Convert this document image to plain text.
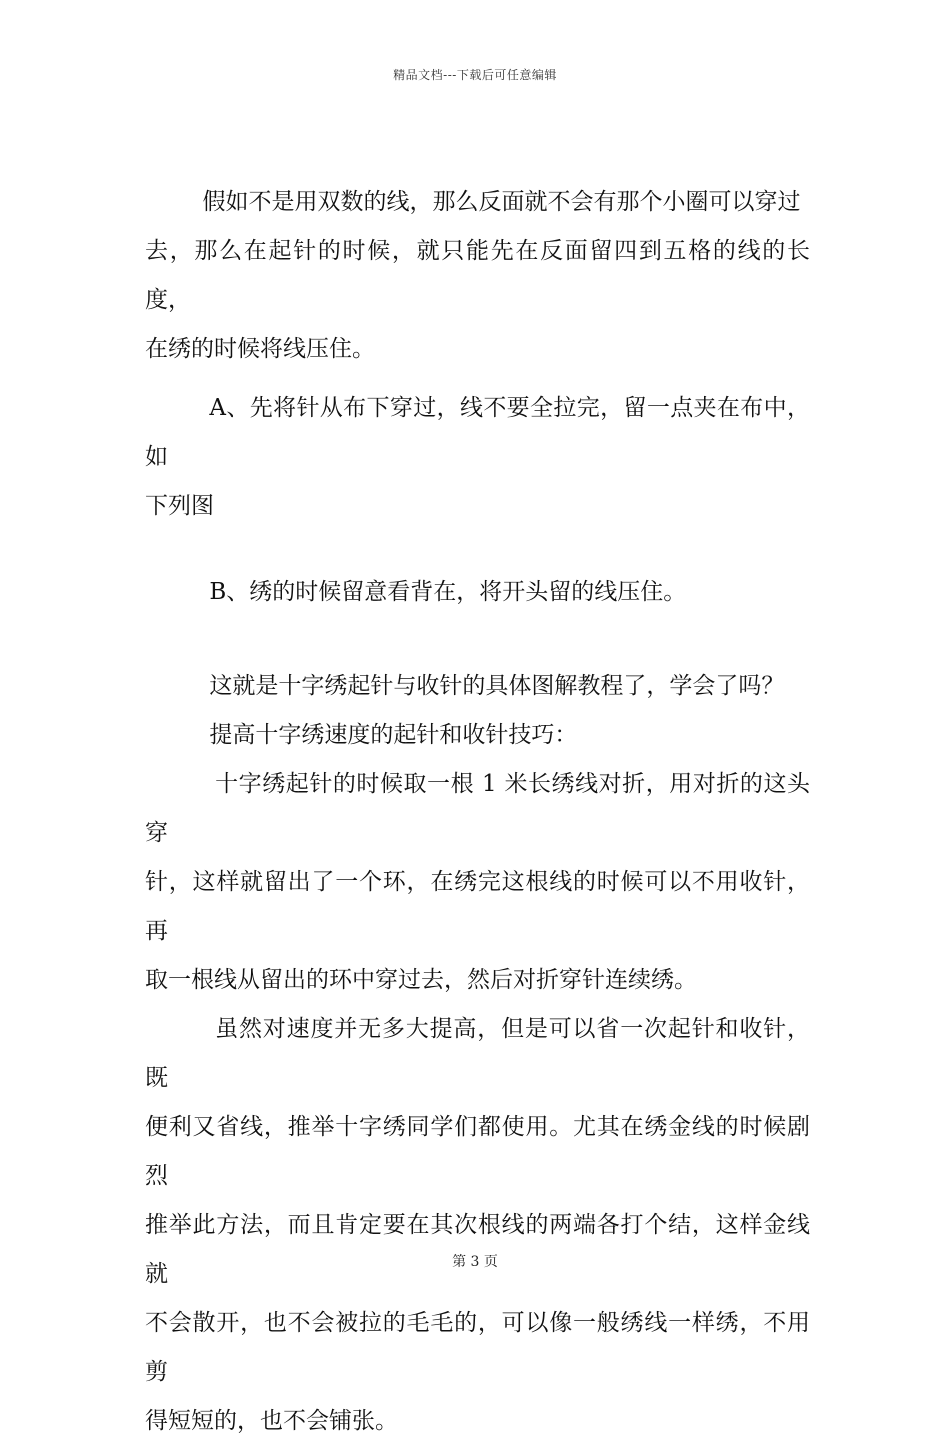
精品文档---下载后可任意编辑
假如不是用双数的线，那么反面就不会有那个小圈可以穿过
去，那么在起针的时候，就只能先在反面留四到五格的线的长度，
在绣的时候将线压住。
A、先将针从布下穿过，线不要全拉完，留一点夹在布中，如
下列图
B、绣的时候留意看背在，将开头留的线压住。
这就是十字绣起针与收针的具体图解教程了，学会了吗？
提高十字绣速度的起针和收针技巧：
十字绣起针的时候取一根 1 米长绣线对折，用对折的这头穿
针，这样就留出了一个环，在绣完这根线的时候可以不用收针，再
取一根线从留出的环中穿过去，然后对折穿针连续绣。
虽然对速度并无多大提高，但是可以省一次起针和收针，既
便利又省线，推举十字绣同学们都使用。尤其在绣金线的时候剧烈
推举此方法，而且肯定要在其次根线的两端各打个结，这样金线就
不会散开，也不会被拉的毛毛的，可以像一般绣线一样绣，不用剪
得短短的，也不会铺张。
第 3 页
